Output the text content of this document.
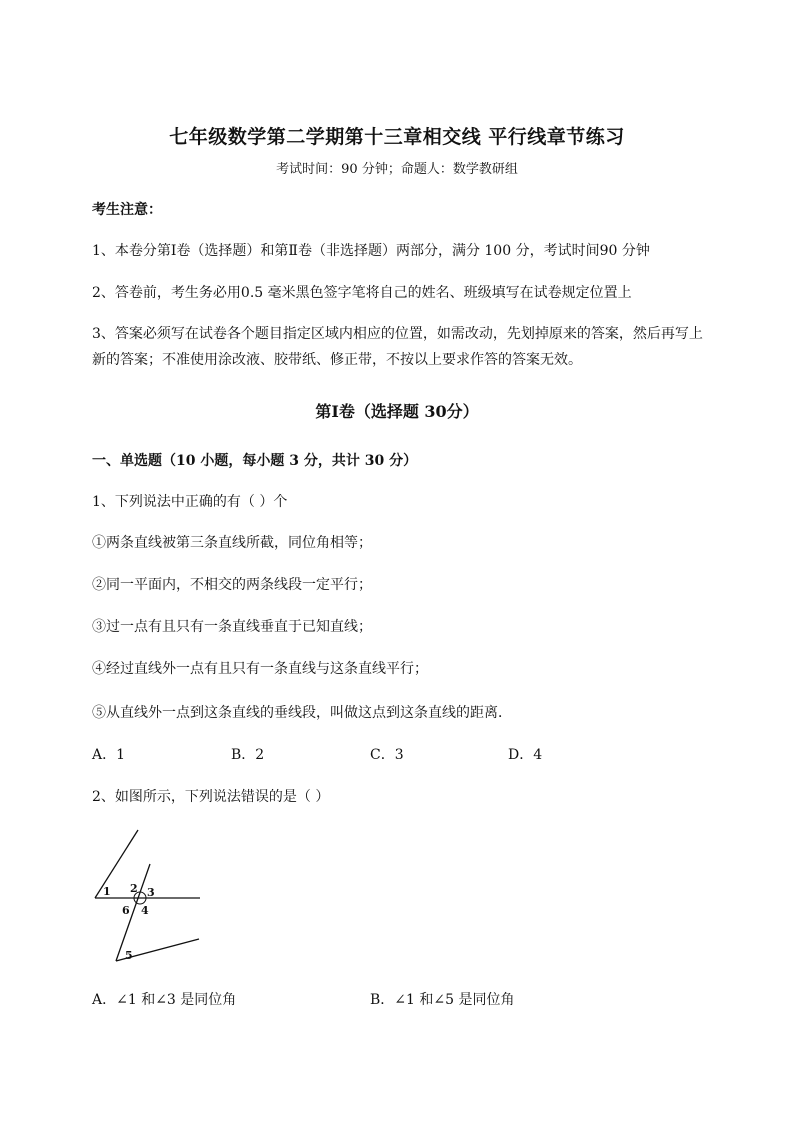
七年级数学第二学期第十三章相交线 平行线章节练习
考试时间：90 分钟；命题人：数学教研组
考生注意：
1、本卷分第Ⅰ卷（选择题）和第Ⅱ卷（非选择题）两部分，满分 100 分，考试时间90 分钟
2、答卷前，考生务必用0.5 毫米黑色签字笔将自己的姓名、班级填写在试卷规定位置上
3、答案必须写在试卷各个题目指定区域内相应的位置，如需改动，先划掉原来的答案，然后再写上新的答案；不准使用涂改液、胶带纸、修正带，不按以上要求作答的答案无效。
第Ⅰ卷（选择题 30分）
一、单选题（10 小题，每小题 3 分，共计 30 分）
1、下列说法中正确的有（ ）个
①两条直线被第三条直线所截，同位角相等；
②同一平面内，不相交的两条线段一定平行；
③过一点有且只有一条直线垂直于已知直线；
④经过直线外一点有且只有一条直线与这条直线平行；
⑤从直线外一点到这条直线的垂线段，叫做这点到这条直线的距离．
A．1	B．2	C．3	D．4
2、如图所示，下列说法错误的是（ ）
1 2 3
6 4
5
A．∠1 和∠3 是同位角	B．∠1 和∠5 是同位角
